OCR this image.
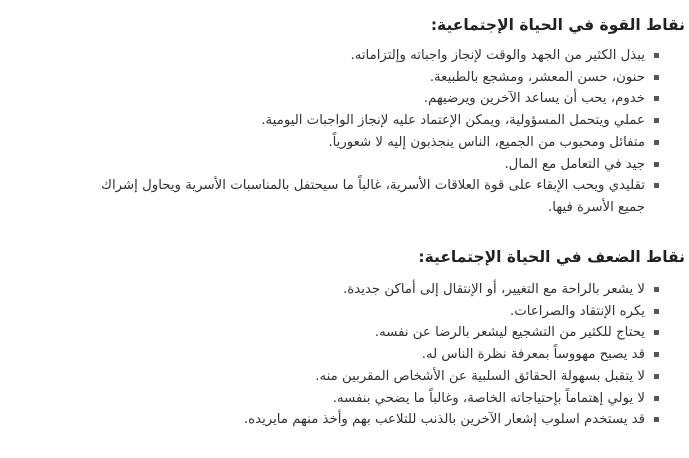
نقاط القوة في الحياة الإجتماعية:
يبذل الكثير من الجهد والوقت لإنجاز واجباته وإلتزاماته.
حنون، حسن المعشر، ومشجع بالطبيعة.
خدوم، يحب أن يساعد الآخرين ويرضيهم.
عملي ويتحمل المسؤولية، ويمكن الإعتماد عليه لإنجاز الواجبات اليومية.
متفائل ومحبوب من الجميع، الناس ينجذبون إليه لا شعورياً.
جيد في التعامل مع المال.
تقليدي ويحب الإبقاء على قوة العلاقات الأسرية، غالباً ما سيحتفل بالمناسبات الأسرية ويحاول إشراك جميع الأسرة فيها.
نقاط الضعف في الحياة الإجتماعية:
لا يشعر بالراحة مع التغيير، أو الإنتقال إلى أماكن جديدة.
يكره الإنتقاد والصراعات.
يحتاج للكثير من التشجيع ليشعر بالرضا عن نفسه.
قد يصبح مهووساً بمعرفة نظرة الناس له.
لا يتقبل بسهولة الحقائق السلبية عن الأشخاص المقربين منه.
لا يولي إهتماماً بإحتياجاته الخاصة، وغالباً ما يضحي بنفسه.
قد يستخدم اسلوب إشعار الآخرين بالذنب للتلاعب بهم وأخذ منهم مايريده.
